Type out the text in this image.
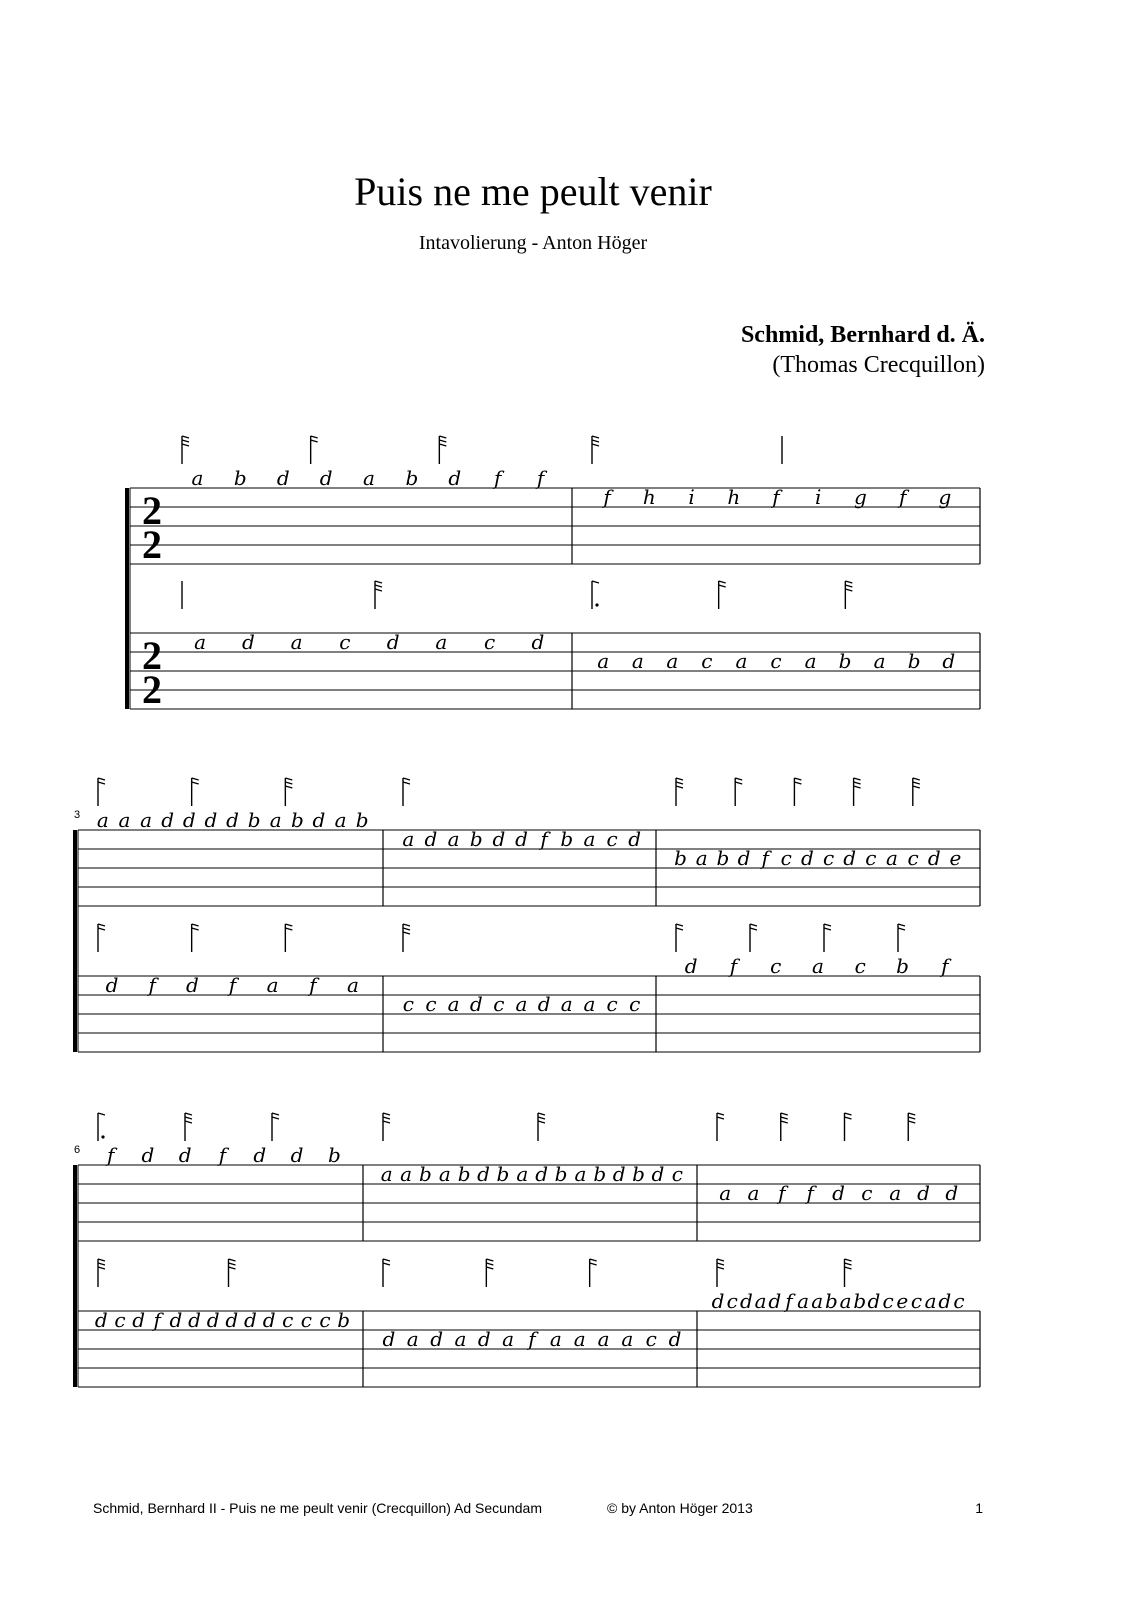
Puis ne me peult venir
Intavolierung - Anton Höger
Schmid, Bernhard d. Ä.
(Thomas Crecquillon)
2
2
a b d d a b d f f
f h i h f i g f g
2
2
a d a c d a c d
a a a c a c a b a b d
3 a a a d d d d b a b d a b
a d a b d d f b a c d
b a b d f c d c d c a c d e
d f d f a f a
c c a d c a d a a c c
d f c a c b f
6 f d d f d d b
a a b a b d b a d b a b d b d c
a a f f d c a d d
d c d f d d d d d d c c c b
d a d a d a f a a a a c d
d c d a d f a a b a b d c e c a d c
Schmid, Bernhard II - Puis ne me peult venir (Crecquillon) Ad Secundam	© by Anton Höger 2013	1
